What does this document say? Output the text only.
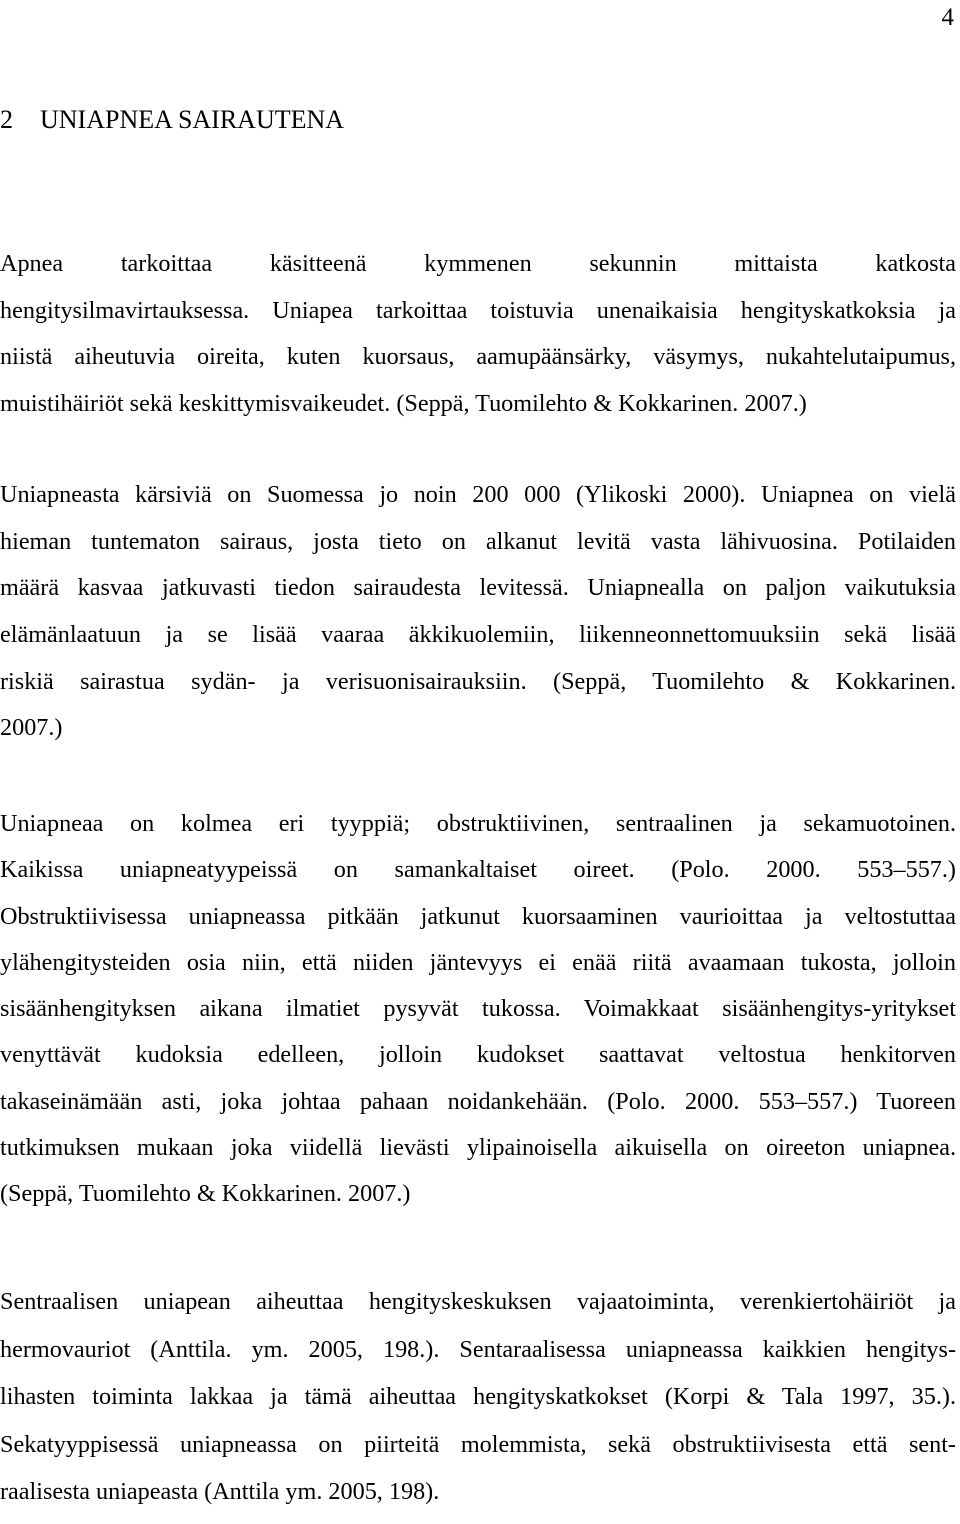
4
2 UNIAPNEA SAIRAUTENA
Apnea tarkoittaa käsitteenä kymmenen sekunnin mittaista katkosta
hengitysilmavirtauksessa. Uniapea tarkoittaa toistuvia unenaikaisia hengityskatkoksia ja
niistä aiheutuvia oireita, kuten kuorsaus, aamupäänsärky, väsymys, nukahtelutaipumus,
muistihäiriöt sekä keskittymisvaikeudet. (Seppä, Tuomilehto & Kokkarinen. 2007.)
Uniapneasta kärsiviä on Suomessa jo noin 200 000 (Ylikoski 2000). Uniapnea on vielä
hieman tuntematon sairaus, josta tieto on alkanut levitä vasta lähivuosina. Potilaiden
määrä kasvaa jatkuvasti tiedon sairaudesta levitessä. Uniapnealla on paljon vaikutuksia
elämänlaatuun ja se lisää vaaraa äkkikuolemiin, liikenneonnettomuuksiin sekä lisää
riskiä sairastua sydän- ja verisuonisairauksiin. (Seppä, Tuomilehto & Kokkarinen.
2007.)
Uniapneaa on kolmea eri tyyppiä; obstruktiivinen, sentraalinen ja sekamuotoinen.
Kaikissa uniapneatyypeissä on samankaltaiset oireet. (Polo. 2000. 553–557.)
Obstruktiivisessa uniapneassa pitkään jatkunut kuorsaaminen vaurioittaa ja veltostuttaa
ylähengitysteiden osia niin, että niiden jäntevyys ei enää riitä avaamaan tukosta, jolloin
sisäänhengityksen aikana ilmatiet pysyvät tukossa. Voimakkaat sisäänhengitys-yritykset
venyttävät kudoksia edelleen, jolloin kudokset saattavat veltostua henkitorven
takaseinämään asti, joka johtaa pahaan noidankehään. (Polo. 2000. 553–557.) Tuoreen
tutkimuksen mukaan joka viidellä lievästi ylipainoisella aikuisella on oireeton uniapnea.
(Seppä, Tuomilehto & Kokkarinen. 2007.)
Sentraalisen uniapean aiheuttaa hengityskeskuksen vajaatoiminta, verenkiertohäiriöt ja
hermovauriot (Anttila. ym. 2005, 198.). Sentaraalisessa uniapneassa kaikkien hengitys-
lihasten toiminta lakkaa ja tämä aiheuttaa hengityskatkokset (Korpi & Tala 1997, 35.).
Sekatyyppisessä uniapneassa on piirteitä molemmista, sekä obstruktiivisesta että sent-
raalisesta uniapeasta (Anttila ym. 2005, 198).
